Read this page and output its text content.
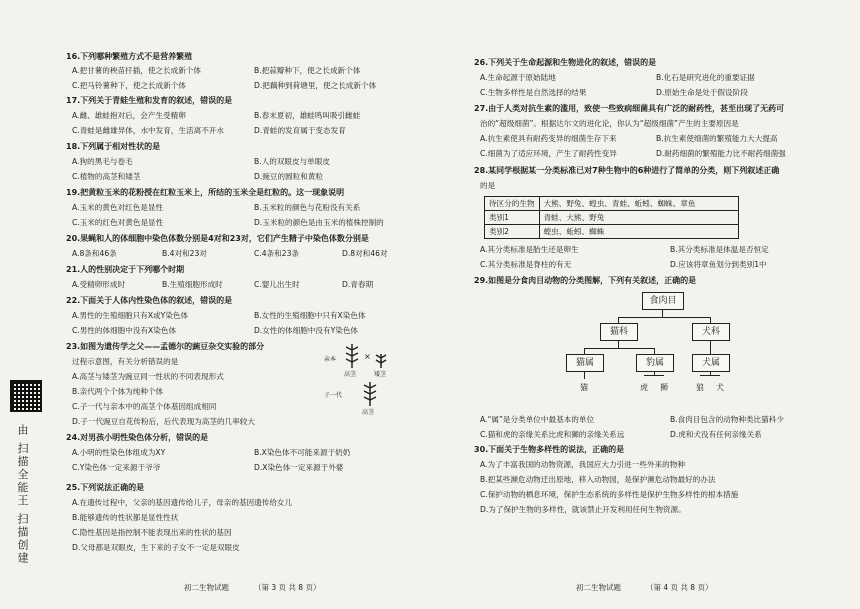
由 扫描全能王 扫描创建
16.下列哪种繁殖方式不是营养繁殖
A.把甘薯的秧苗扦插，使之长成新个体	B.把蒜瓣种下，使之长成新个体
C.把马铃薯种下，使之长成新个体	D.把藕种到荷塘里，使之长成新个体
17.下列关于青蛙生殖和发育的叙述，错误的是
A.雌、雄蛙抱对后，会产生受精卵	B.春末夏初，雄蛙鸣叫吸引雌蛙
C.青蛙是雌雄异体，水中发育，生活离不开水	D.青蛙的发育属于变态发育
18.下列属于相对性状的是
A.狗的黑毛与卷毛	B.人的双眼皮与单眼皮
C.植物的高茎和矮茎	D.豌豆的圆粒和黄粒
19.把黄粒玉米的花粉授在红粒玉米上，所结的玉米全是红粒的。这一现象说明
A.玉米的黄色对红色是显性	B.玉米粒的颜色与花粉没有关系
C.玉米的红色对黄色是显性	D.玉米粒的颜色是由玉米的植株控制的
20.果蝇和人的体细胞中染色体数分别是4对和23对，它们产生精子中染色体数分别是
A.8条和46条	B.4对和23对	C.4条和23条	D.8对和46对
21.人的性别决定于下列哪个时期
A.受精卵形成时	B.生殖细胞形成时	C.婴儿出生时	D.青春期
22.下面关于人体内性染色体的叙述，错误的是
A.男性的生殖细胞只有X或Y染色体	B.女性的生殖细胞中只有X染色体
C.男性的体细胞中没有X染色体	D.女性的体细胞中没有Y染色体
23.如图为遗传学之父——孟德尔的豌豆杂交实验的部分
过程示意图，有关分析错误的是
A.高茎与矮茎为豌豆同一性状的不同表现形式
B.亲代两个个体为纯种个体
C.子一代与亲本中的高茎个体基因组成相同
D.子一代豌豆自花传粉后，后代表现为高茎的几率较大
亲本	×
高茎	矮茎
子一代
高茎
24.对男孩小明性染色体分析，错误的是
A.小明的性染色体组成为XY	B.X染色体不可能来源于奶奶
C.Y染色体一定来源于爷爷	D.X染色体一定来源于外婆
25.下列说法正确的是
A.在遗传过程中，父亲的基因遗传给儿子，母亲的基因遗传给女儿
B.能够遗传的性状都是显性性状
C.隐性基因是指控制不能表现出来的性状的基因
D.父母都是双眼皮，生下来的子女不一定是双眼皮
初二生物试题	（第 3 页 共 8 页）
26.下列关于生命起源和生物进化的叙述，错误的是
A.生命起源于原始陆地	B.化石是研究进化的重要证据
C.生物多样性是自然选择的结果	D.原始生命是处于假设阶段
27.由于人类对抗生素的滥用，致使一些致病细菌具有广泛的耐药性，甚至出现了无药可
治的“超级细菌”。根据达尔文的进化论，你认为“超级细菌”产生的主要原因是
A.抗生素使具有耐药变异的细菌生存下来	B.抗生素使细菌的繁殖能力大大提高
C.细菌为了适应环境，产生了耐药性变异	D.耐药细菌的繁殖能力比不耐药细菌强
28.某同学根据某一分类标准已对7种生物中的6种进行了简单的分类，则下列叙述正确
的是
待区分的生物	大熊、野兔、蝗虫、青蛙、蚯蚓、蜘蛛、章鱼
类别1	青蛙、大熊、野兔
类别2	蝗虫、蚯蚓、蜘蛛
A.其分类标准是胎生还是卵生	B.其分类标准是体温是否恒定
C.其分类标准是脊柱的有无	D.应该将章鱼划分到类别1中
29.如图是分食肉目动物的分类图解，下列有关叙述，正确的是
食肉目
猫科	犬科
猫属	豹属	犬属
猫	虎 狮	狼 犬
A.“属”是分类单位中最基本的单位	B.食肉目包含的动物种类比猫科少
C.猫和虎的亲缘关系比虎和狮的亲缘关系远	D.虎和犬没有任何亲缘关系
30.下面关于生物多样性的说法，正确的是
A.为了丰富我国的动物资源，我国应大力引进一些外来的物种
B.把某些濒危动物迁出原地，移入动物园，是保护濒危动物最好的办法
C.保护动物的栖息环境，保护生态系统的多样性是保护生物多样性的根本措施
D.为了保护生物的多样性，就该禁止开发利用任何生物资源。
初二生物试题	（第 4 页 共 8 页）
